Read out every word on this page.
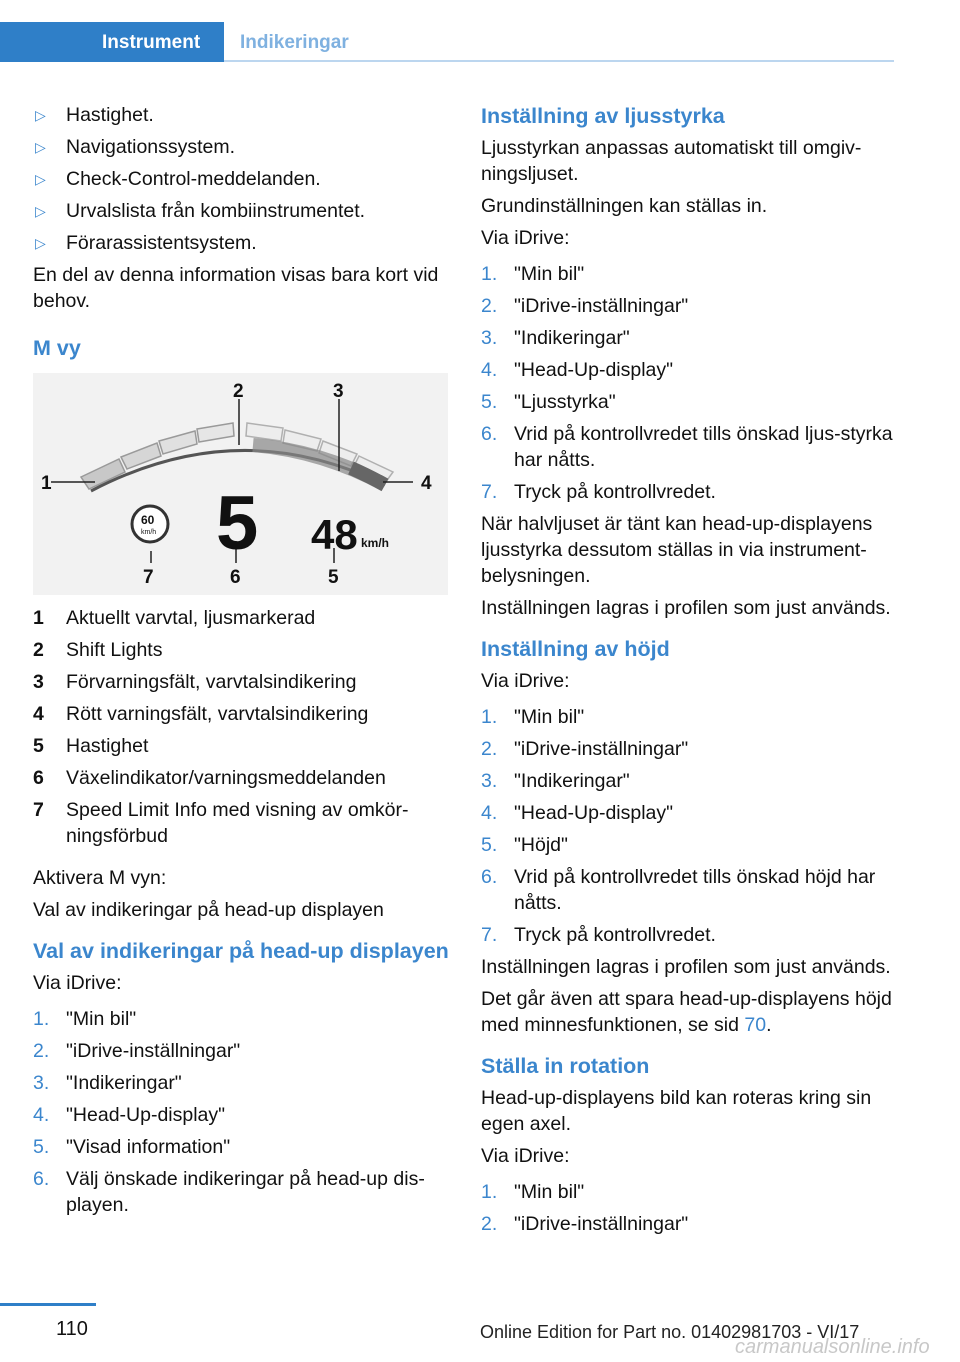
Instrument Indikeringar
▷ Hastighet.
▷ Navigationssystem.
▷ Check-Control-meddelanden.
▷ Urvalslista från kombiinstrumentet.
▷ Förarassistentsystem.

En del av denna information visas bara kort vid behov.

M vy
1
2	3
4
5
6
7
5 48 km/h
60
km/h
1 Aktuellt varvtal, ljusmarkerad
2 Shift Lights
3 Förvarningsfält, varvtalsindikering
4 Rött varningsfält, varvtalsindikering
5 Hastighet
6 Växelindikator/varningsmeddelanden
7 Speed Limit Info med visning av omkör-ningsförbud

Aktivera M vyn:

Val av indikeringar på head-up displayen

Val av indikeringar på head-up displayen

Via iDrive:

1. "Min bil"
2. "iDrive-inställningar"
3. "Indikeringar"
4. "Head-Up-display"
5. "Visad information"
6. Välj önskade indikeringar på head-up dis-playen.
Inställning av ljusstyrka

Ljusstyrkan anpassas automatiskt till omgiv-ningsljuset.

Grundinställningen kan ställas in.

Via iDrive:

1. "Min bil"
2. "iDrive-inställningar"
3. "Indikeringar"
4. "Head-Up-display"
5. "Ljusstyrka"
6. Vrid på kontrollvredet tills önskad ljus-styrka har nåtts.
7. Tryck på kontrollvredet.

När halvljuset är tänt kan head-up-displayens ljusstyrka dessutom ställas in via instrument-belysningen.

Inställningen lagras i profilen som just används.

Inställning av höjd

Via iDrive:

1. "Min bil"
2. "iDrive-inställningar"
3. "Indikeringar"
4. "Head-Up-display"
5. "Höjd"
6. Vrid på kontrollvredet tills önskad höjd har nåtts.
7. Tryck på kontrollvredet.

Inställningen lagras i profilen som just används.

Det går även att spara head-up-displayens höjd med minnesfunktionen, se sid 70.

Ställa in rotation

Head-up-displayens bild kan roteras kring sin egen axel.

Via iDrive:

1. "Min bil"
2. "iDrive-inställningar"
110	Online Edition for Part no. 01402981703 - VI/17
carmanualsonline.info
